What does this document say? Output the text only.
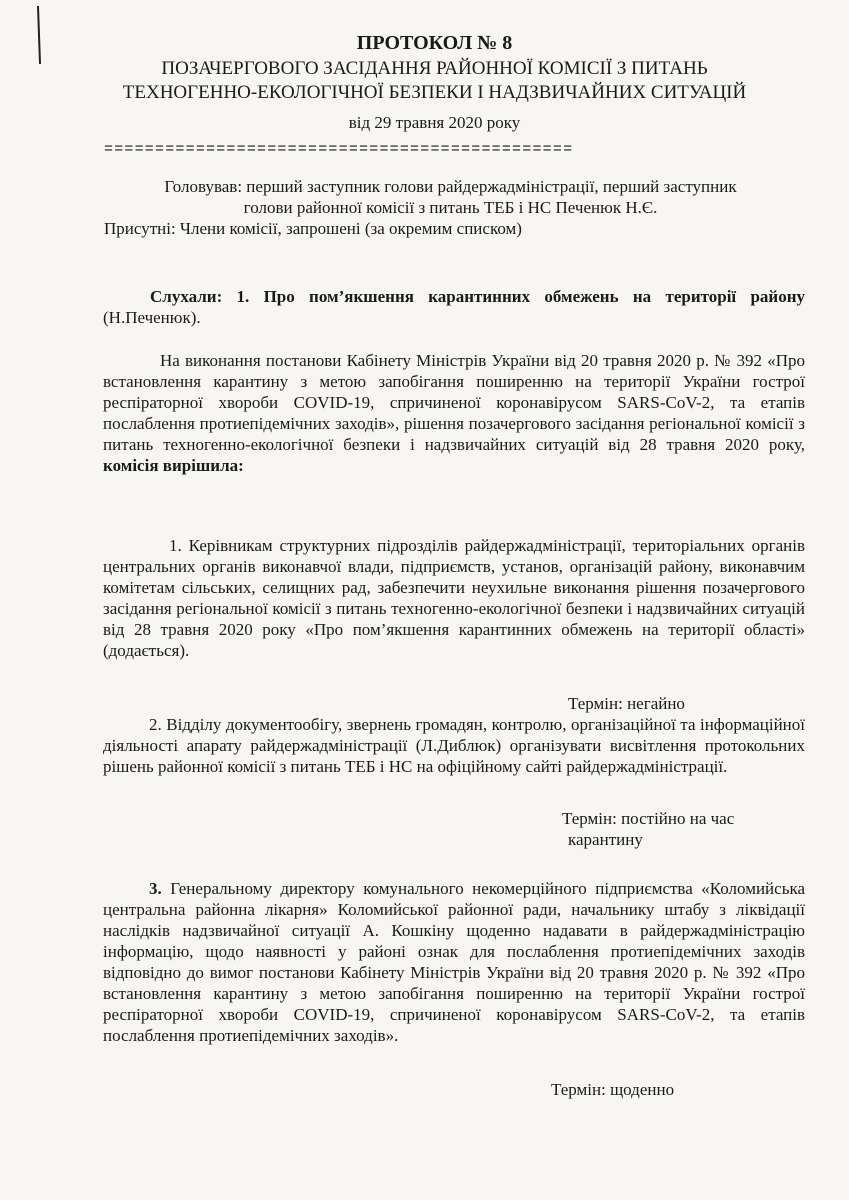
ПРОТОКОЛ № 8

ПОЗАЧЕРГОВОГО ЗАСІДАННЯ РАЙОННОЇ КОМІСІЇ З ПИТАНЬ

ТЕХНОГЕННО-ЕКОЛОГІЧНОЇ БЕЗПЕКИ І НАДЗВИЧАЙНИХ СИТУАЦІЙ

від 29 травня 2020 року

==============================================
Головував: перший заступник голови райдержадміністрації, перший заступник
голови районної комісії з питань ТЕБ і НС Печенюк Н.Є.
Присутні: Члени комісії, запрошені (за окремим списком)
Слухали: 1. Про пом’якшення карантинних обмежень на території району (Н.Печенюк).
На виконання постанови Кабінету Міністрів України від 20 травня 2020 р. № 392 «Про встановлення карантину з метою запобігання поширенню на території України гострої респіраторної хвороби COVID-19, спричиненої коронавірусом SARS-CoV-2, та етапів послаблення протиепідемічних заходів», рішення позачергового засідання регіональної комісії з питань техногенно-екологічної безпеки і надзвичайних ситуацій від 28 травня 2020 року, комісія вирішила:
1. Керівникам структурних підрозділів райдержадміністрації, територіальних органів центральних органів виконавчої влади, підприємств, установ, організацій району, виконавчим комітетам сільських, селищних рад, забезпечити неухильне виконання рішення позачергового засідання регіональної комісії з питань техногенно-екологічної безпеки і надзвичайних ситуацій від 28 травня 2020 року «Про пом’якшення карантинних обмежень на території області» (додається).
Термін: негайно
2. Відділу документообігу, звернень громадян, контролю, організаційної та інформаційної діяльності апарату райдержадміністрації (Л.Диблюк) організувати висвітлення протокольних рішень районної комісії з питань ТЕБ і НС на офіційному сайті райдержадміністрації.
Термін: постійно на час
карантину
3. Генеральному директору комунального некомерційного підприємства «Коломийська центральна районна лікарня» Коломийської районної ради, начальнику штабу з ліквідації наслідків надзвичайної ситуації А. Кошкіну щоденно надавати в райдержадміністрацію інформацію, щодо наявності у районі ознак для послаблення протиепідемічних заходів відповідно до вимог постанови Кабінету Міністрів України від 20 травня 2020 р. № 392 «Про встановлення карантину з метою запобігання поширенню на території України гострої респіраторної хвороби COVID-19, спричиненої коронавірусом SARS-CoV-2, та етапів послаблення протиепідемічних заходів».
Термін: щоденно
